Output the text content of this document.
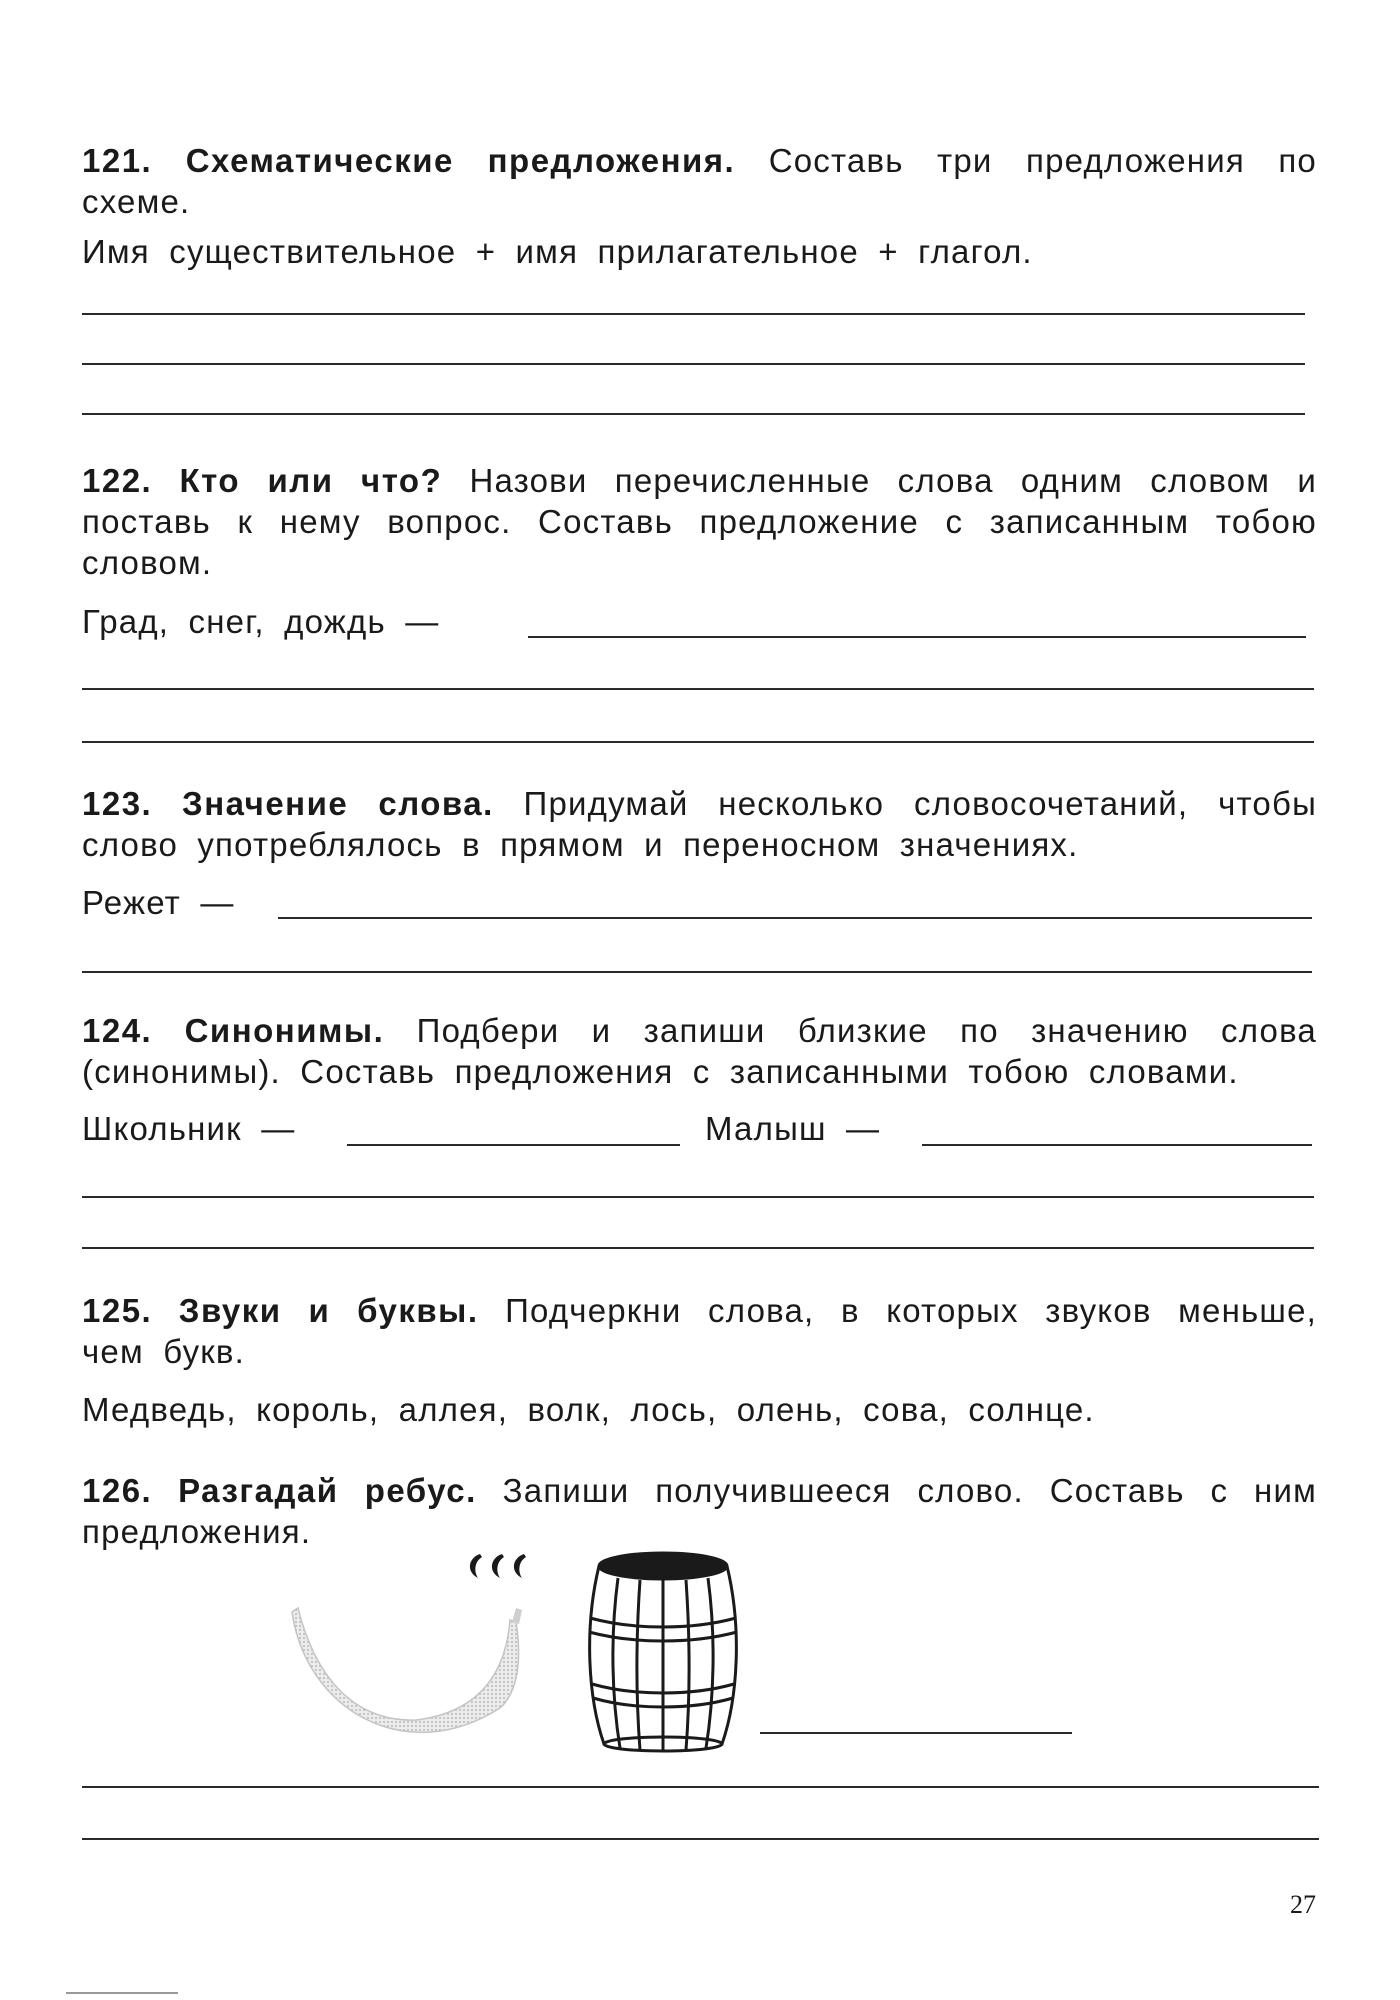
121. Схематические предложения. Составь три предложения по схеме.

Имя существительное + имя прилагательное + глагол.

122. Кто или что? Назови перечисленные слова одним словом и поставь к нему вопрос. Составь предложение с записанным тобою словом.

Град, снег, дождь —

123. Значение слова. Придумай несколько словосочетаний, чтобы слово употреблялось в прямом и переносном значениях.

Режет —

124. Синонимы. Подбери и запиши близкие по значению слова (синонимы). Составь предложения с записанными тобою словами.

Школьник —	Малыш —

125. Звуки и буквы. Подчеркни слова, в которых звуков меньше, чем букв.

Медведь, король, аллея, волк, лось, олень, сова, солнце.

126. Разгадай ребус. Запиши получившееся слово. Составь с ним предложения.

27
